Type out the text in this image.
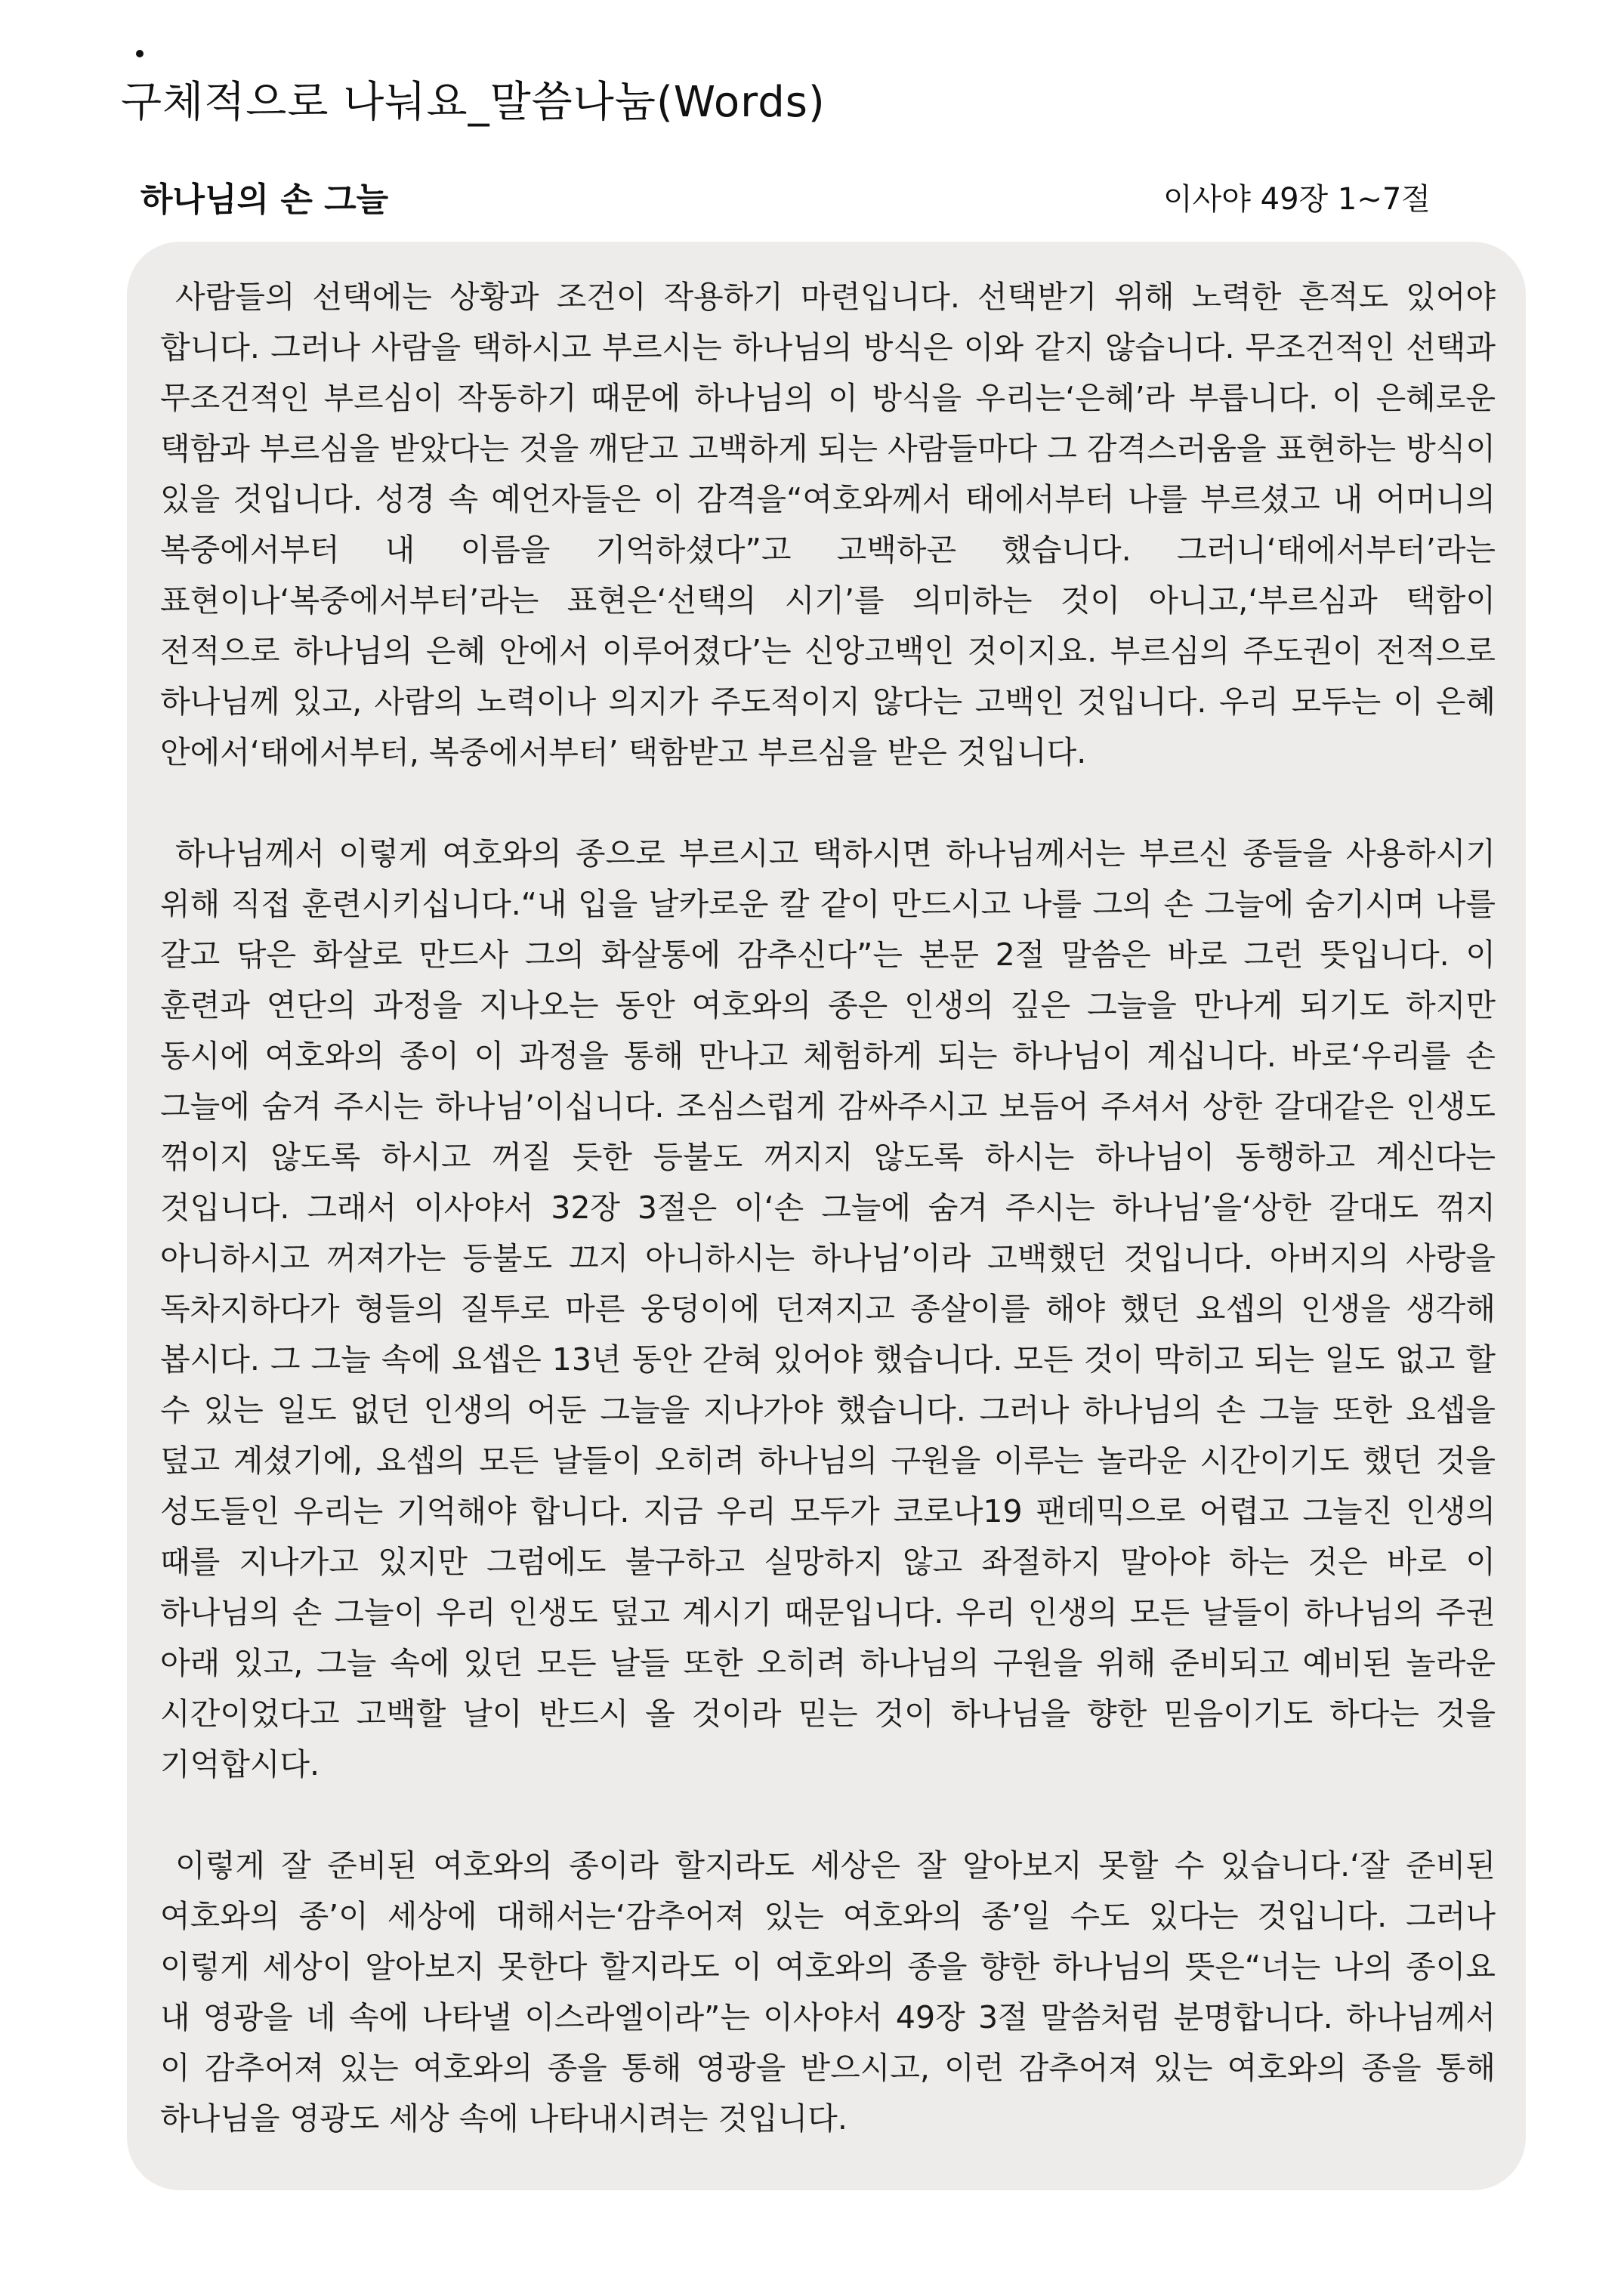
구체적으로 나눠요_말씀나눔(Words)
하나님의 손 그늘	이사야 49장 1~7절

사람들의 선택에는 상황과 조건이 작용하기 마련입니다. 선택받기 위해 노력한 흔적도 있어야 합니다. 그러나 사람을 택하시고 부르시는 하나님의 방식은 이와 같지 않습니다. 무조건적인 선택과 무조건적인 부르심이 작동하기 때문에 하나님의 이 방식을 우리는‘은혜’라 부릅니다. 이 은혜로운 택함과 부르심을 받았다는 것을 깨닫고 고백하게 되는 사람들마다 그 감격스러움을 표현하는 방식이 있을 것입니다. 성경 속 예언자들은 이 감격을“여호와께서 태에서부터 나를 부르셨고 내 어머니의 복중에서부터 내 이름을 기억하셨다”고 고백하곤 했습니다. 그러니‘태에서부터’라는 표현이나‘복중에서부터’라는 표현은‘선택의 시기’를 의미하는 것이 아니고,‘부르심과 택함이 전적으로 하나님의 은혜 안에서 이루어졌다’는 신앙고백인 것이지요. 부르심의 주도권이 전적으로 하나님께 있고, 사람의 노력이나 의지가 주도적이지 않다는 고백인 것입니다. 우리 모두는 이 은혜 안에서‘태에서부터, 복중에서부터’ 택함받고 부르심을 받은 것입니다.

하나님께서 이렇게 여호와의 종으로 부르시고 택하시면 하나님께서는 부르신 종들을 사용하시기 위해 직접 훈련시키십니다.“내 입을 날카로운 칼 같이 만드시고 나를 그의 손 그늘에 숨기시며 나를 갈고 닦은 화살로 만드사 그의 화살통에 감추신다”는 본문 2절 말씀은 바로 그런 뜻입니다. 이 훈련과 연단의 과정을 지나오는 동안 여호와의 종은 인생의 깊은 그늘을 만나게 되기도 하지만 동시에 여호와의 종이 이 과정을 통해 만나고 체험하게 되는 하나님이 계십니다. 바로‘우리를 손 그늘에 숨겨 주시는 하나님’이십니다. 조심스럽게 감싸주시고 보듬어 주셔서 상한 갈대같은 인생도 꺾이지 않도록 하시고 꺼질 듯한 등불도 꺼지지 않도록 하시는 하나님이 동행하고 계신다는 것입니다. 그래서 이사야서 32장 3절은 이‘손 그늘에 숨겨 주시는 하나님’을‘상한 갈대도 꺾지 아니하시고 꺼져가는 등불도 끄지 아니하시는 하나님’이라 고백했던 것입니다. 아버지의 사랑을 독차지하다가 형들의 질투로 마른 웅덩이에 던져지고 종살이를 해야 했던 요셉의 인생을 생각해 봅시다. 그 그늘 속에 요셉은 13년 동안 갇혀 있어야 했습니다. 모든 것이 막히고 되는 일도 없고 할 수 있는 일도 없던 인생의 어둔 그늘을 지나가야 했습니다. 그러나 하나님의 손 그늘 또한 요셉을 덮고 계셨기에, 요셉의 모든 날들이 오히려 하나님의 구원을 이루는 놀라운 시간이기도 했던 것을 성도들인 우리는 기억해야 합니다. 지금 우리 모두가 코로나19 팬데믹으로 어렵고 그늘진 인생의 때를 지나가고 있지만 그럼에도 불구하고 실망하지 않고 좌절하지 말아야 하는 것은 바로 이 하나님의 손 그늘이 우리 인생도 덮고 계시기 때문입니다. 우리 인생의 모든 날들이 하나님의 주권 아래 있고, 그늘 속에 있던 모든 날들 또한 오히려 하나님의 구원을 위해 준비되고 예비된 놀라운 시간이었다고 고백할 날이 반드시 올 것이라 믿는 것이 하나님을 향한 믿음이기도 하다는 것을 기억합시다.

이렇게 잘 준비된 여호와의 종이라 할지라도 세상은 잘 알아보지 못할 수 있습니다.‘잘 준비된 여호와의 종’이 세상에 대해서는‘감추어져 있는 여호와의 종’일 수도 있다는 것입니다. 그러나 이렇게 세상이 알아보지 못한다 할지라도 이 여호와의 종을 향한 하나님의 뜻은“너는 나의 종이요 내 영광을 네 속에 나타낼 이스라엘이라”는 이사야서 49장 3절 말씀처럼 분명합니다. 하나님께서 이 감추어져 있는 여호와의 종을 통해 영광을 받으시고, 이런 감추어져 있는 여호와의 종을 통해 하나님을 영광도 세상 속에 나타내시려는 것입니다.
